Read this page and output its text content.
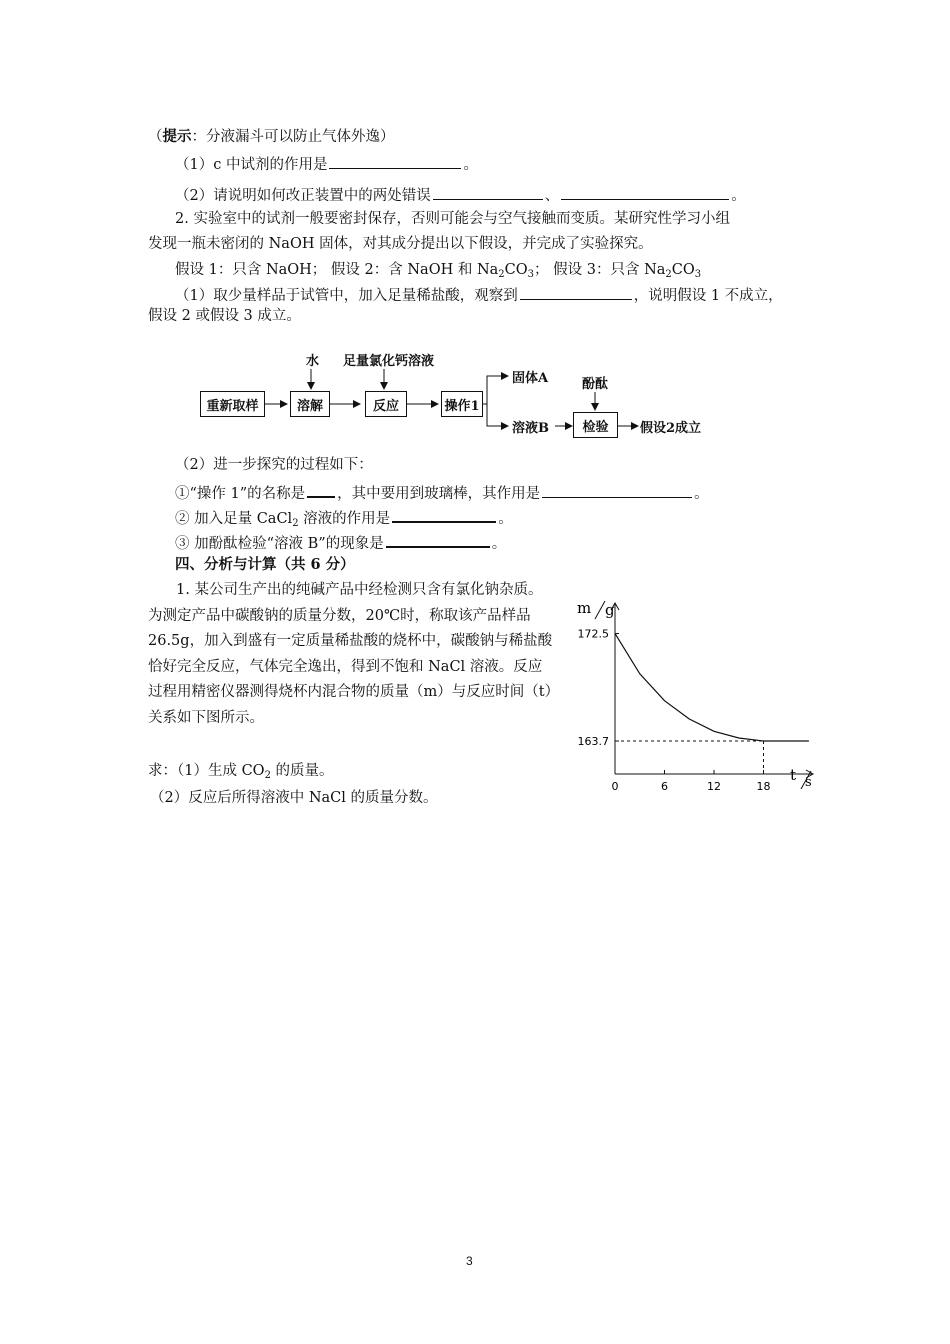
（提示：分液漏斗可以防止气体外逸）
（1）c 中试剂的作用是	。
（2）请说明如何改正装置中的两处错误	、	。
2. 实验室中的试剂一般要密封保存，否则可能会与空气接触而变质。某研究性学习小组
发现一瓶未密闭的 NaOH 固体，对其成分提出以下假设，并完成了实验探究。
假设 1：只含 NaOH； 假设 2：含 NaOH 和 $Na_2CO_3$； 假设 3：只含 $Na_2CO_3$
（1）取少量样品于试管中，加入足量稀盐酸，观察到	，说明假设 1 不成立，
假设 2 或假设 3 成立。
水 足量氯化钙溶液
重新取样	溶解	反应	操作1
固体A
溶液B
酚酞
检验	假设2成立
（2）进一步探究的过程如下：
①“操作 1”的名称是 ，其中要用到玻璃棒，其作用是	。
② 加入足量 CaCl$_2$ 溶液的作用是	。
③ 加酚酞检验“溶液 B”的现象是	。
四、分析与计算（共 6 分）
1. 某公司生产出的纯碱产品中经检测只含有氯化钠杂质。为测定产品中碳酸钠的质量分数，20℃时，称取该产品样品 26.5g，加入到盛有一定质量稀盐酸的烧杯中，碳酸钠与稀盐酸恰好完全反应，气体完全逸出，得到不饱和 NaCl 溶液。反应过程用精密仪器测得烧杯内混合物的质量（m）与反应时间（t）关系如下图所示。
求：（1）生成 $CO_2$ 的质量。
（2）反应后所得溶液中 NaCl 的质量分数。
m g
t s
0	6	12	18
172.5
163.7
3
